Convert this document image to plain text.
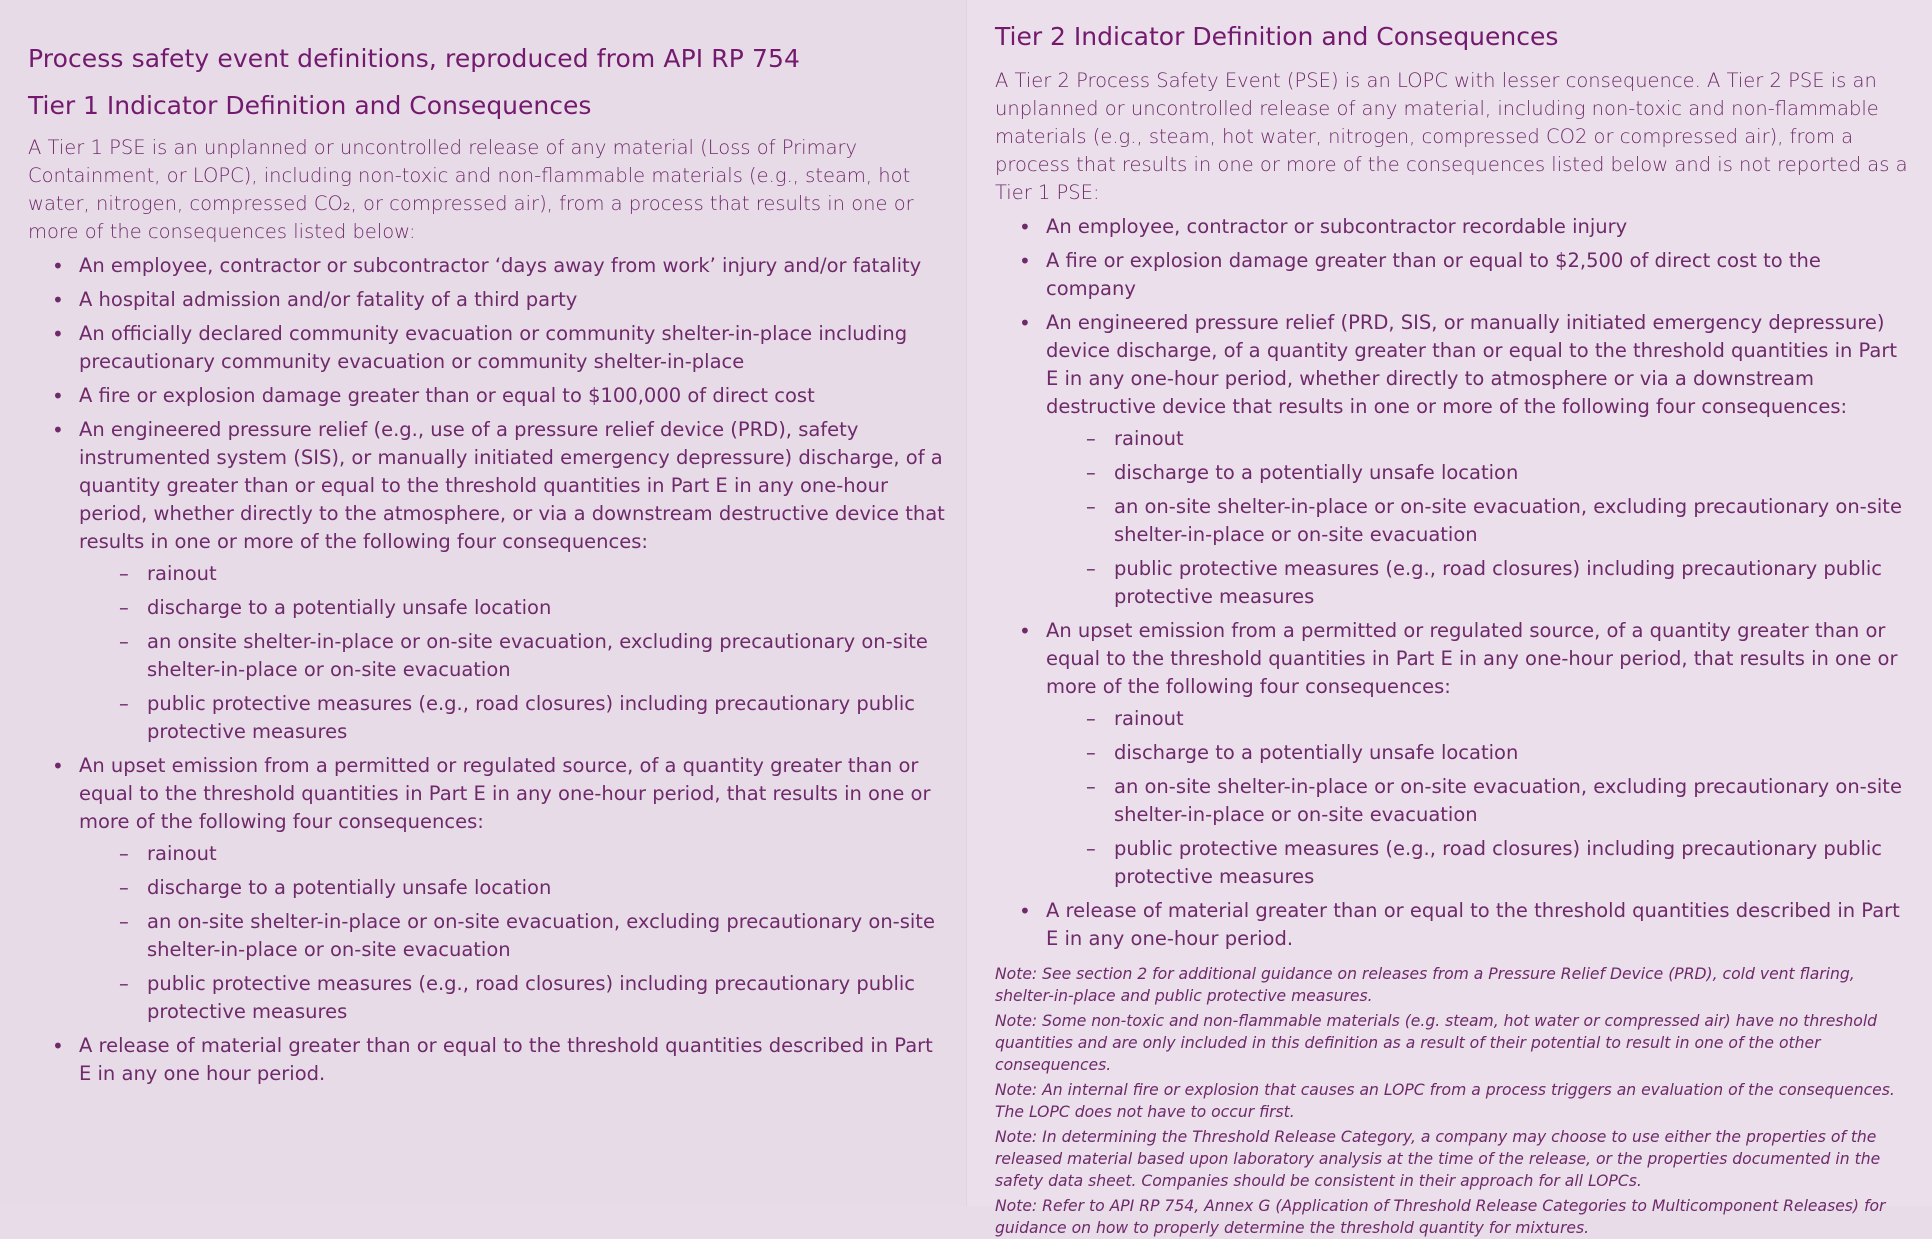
Process safety event definitions, reproduced from API RP 754
Tier 1 Indicator Definition and Consequences

A Tier 1 PSE is an unplanned or uncontrolled release of any material (Loss of Primary Containment, or LOPC), including non-toxic and non-flammable materials (e.g., steam, hot water, nitrogen, compressed CO₂, or compressed air), from a process that results in one or more of the consequences listed below:

• An employee, contractor or subcontractor ‘days away from work’ injury and/or fatality
• A hospital admission and/or fatality of a third party
• An officially declared community evacuation or community shelter-in-place including precautionary community evacuation or community shelter-in-place
• A fire or explosion damage greater than or equal to $100,000 of direct cost
• An engineered pressure relief (e.g., use of a pressure relief device (PRD), safety instrumented system (SIS), or manually initiated emergency depressure) discharge, of a quantity greater than or equal to the threshold quantities in Part E in any one-hour period, whether directly to the atmosphere, or via a downstream destructive device that results in one or more of the following four consequences:
– rainout
– discharge to a potentially unsafe location
– an onsite shelter-in-place or on-site evacuation, excluding precautionary on-site shelter-in-place or on-site evacuation
– public protective measures (e.g., road closures) including precautionary public protective measures
• An upset emission from a permitted or regulated source, of a quantity greater than or equal to the threshold quantities in Part E in any one-hour period, that results in one or more of the following four consequences:
– rainout
– discharge to a potentially unsafe location
– an on-site shelter-in-place or on-site evacuation, excluding precautionary on-site shelter-in-place or on-site evacuation
– public protective measures (e.g., road closures) including precautionary public protective measures
• A release of material greater than or equal to the threshold quantities described in Part E in any one hour period.
Tier 2 Indicator Definition and Consequences

A Tier 2 Process Safety Event (PSE) is an LOPC with lesser consequence. A Tier 2 PSE is an unplanned or uncontrolled release of any material, including non-toxic and non-flammable materials (e.g., steam, hot water, nitrogen, compressed CO2 or compressed air), from a process that results in one or more of the consequences listed below and is not reported as a Tier 1 PSE:

• An employee, contractor or subcontractor recordable injury
• A fire or explosion damage greater than or equal to $2,500 of direct cost to the company
• An engineered pressure relief (PRD, SIS, or manually initiated emergency depressure) device discharge, of a quantity greater than or equal to the threshold quantities in Part E in any one-hour period, whether directly to atmosphere or via a downstream destructive device that results in one or more of the following four consequences:
– rainout
– discharge to a potentially unsafe location
– an on-site shelter-in-place or on-site evacuation, excluding precautionary on-site shelter-in-place or on-site evacuation
– public protective measures (e.g., road closures) including precautionary public protective measures
• An upset emission from a permitted or regulated source, of a quantity greater than or equal to the threshold quantities in Part E in any one-hour period, that results in one or more of the following four consequences:
– rainout
– discharge to a potentially unsafe location
– an on-site shelter-in-place or on-site evacuation, excluding precautionary on-site shelter-in-place or on-site evacuation
– public protective measures (e.g., road closures) including precautionary public protective measures
• A release of material greater than or equal to the threshold quantities described in Part E in any one-hour period.

Note: See section 2 for additional guidance on releases from a Pressure Relief Device (PRD), cold vent flaring, shelter-in-place and public protective measures.

Note: Some non-toxic and non-flammable materials (e.g. steam, hot water or compressed air) have no threshold quantities and are only included in this definition as a result of their potential to result in one of the other consequences.

Note: An internal fire or explosion that causes an LOPC from a process triggers an evaluation of the consequences. The LOPC does not have to occur first.

Note: In determining the Threshold Release Category, a company may choose to use either the properties of the released material based upon laboratory analysis at the time of the release, or the properties documented in the safety data sheet. Companies should be consistent in their approach for all LOPCs.

Note: Refer to API RP 754, Annex G (Application of Threshold Release Categories to Multicomponent Releases) for guidance on how to properly determine the threshold quantity for mixtures.
